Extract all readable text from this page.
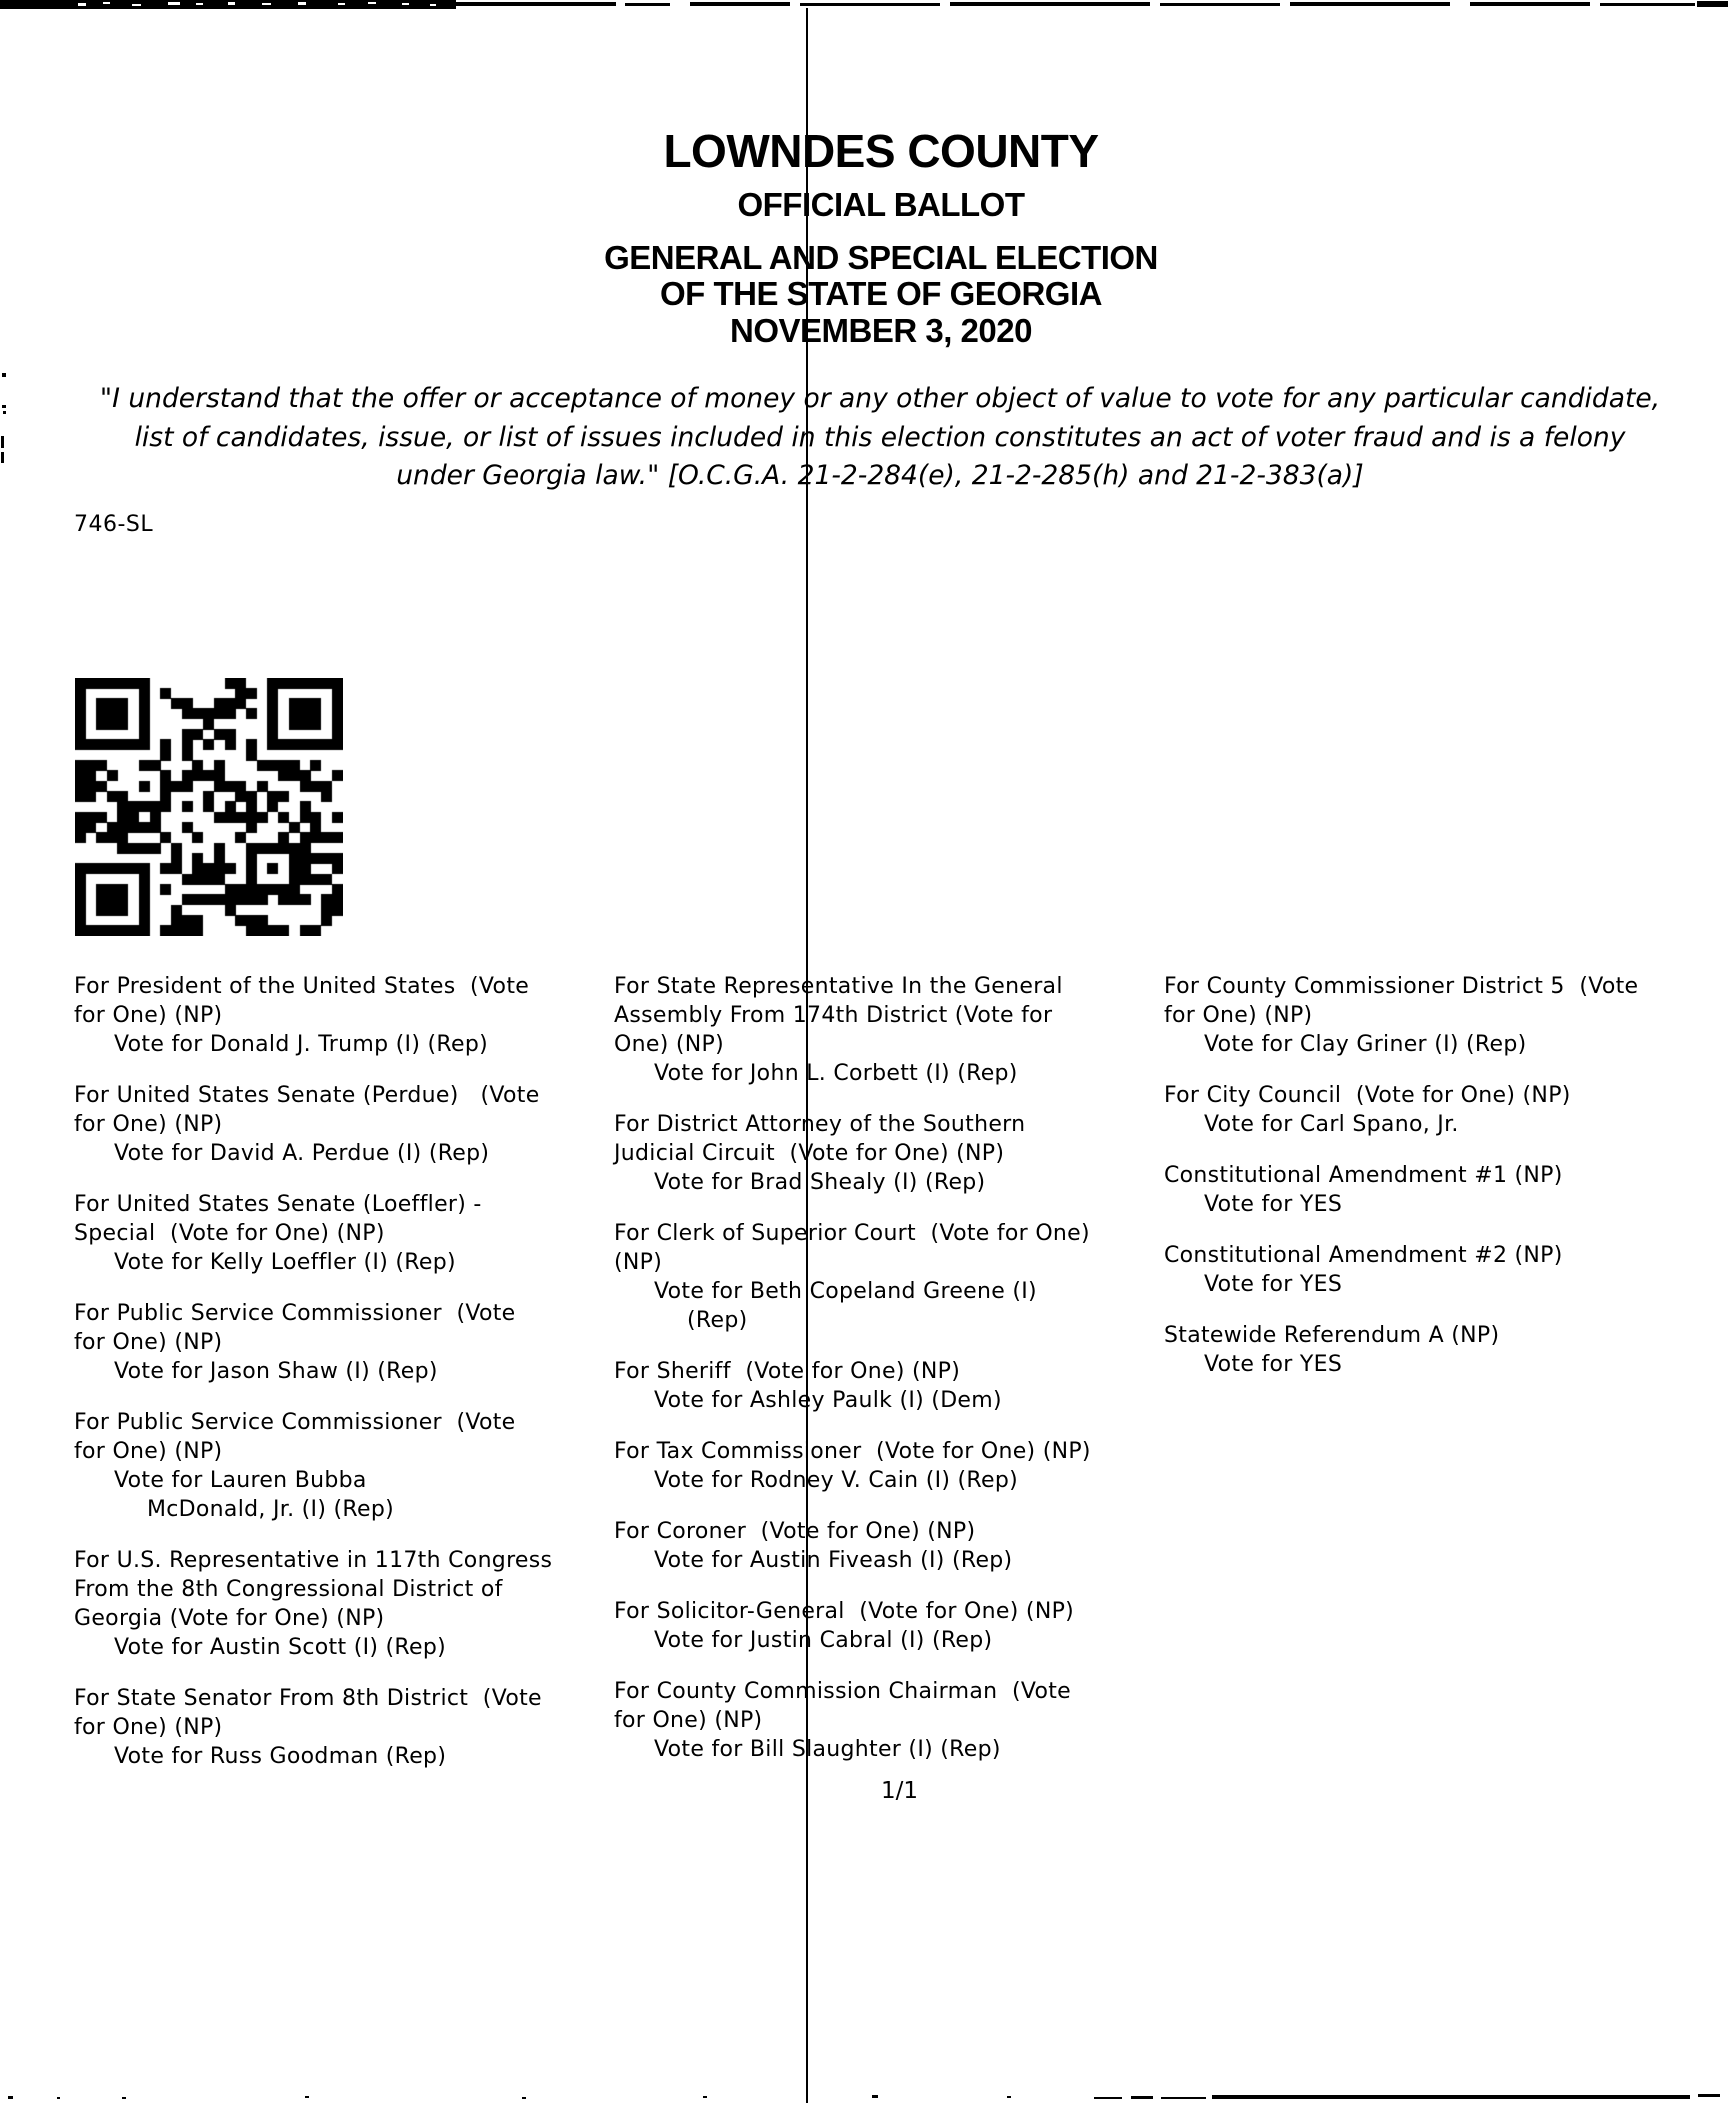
LOWNDES COUNTY
OFFICIAL BALLOT
GENERAL AND SPECIAL ELECTION
OF THE STATE OF GEORGIA
NOVEMBER 3, 2020
"I understand that the offer or acceptance of money or any other object of value to vote for any particular candidate,
list of candidates, issue, or list of issues included in this election constitutes an act of voter fraud and is a felony
under Georgia law." [O.C.G.A. 21-2-284(e), 21-2-285(h) and 21-2-383(a)]
746-SL
For President of the United States  (Vote
for One) (NP)
Vote for Donald J. Trump (I) (Rep)
For United States Senate (Perdue)   (Vote
for One) (NP)
Vote for David A. Perdue (I) (Rep)
For United States Senate (Loeffler) -
Special  (Vote for One) (NP)
Vote for Kelly Loeffler (I) (Rep)
For Public Service Commissioner  (Vote
for One) (NP)
Vote for Jason Shaw (I) (Rep)
For Public Service Commissioner  (Vote
for One) (NP)
Vote for Lauren Bubba
McDonald, Jr. (I) (Rep)
For U.S. Representative in 117th Congress
From the 8th Congressional District of
Georgia (Vote for One) (NP)
Vote for Austin Scott (I) (Rep)
For State Senator From 8th District  (Vote
for One) (NP)
Vote for Russ Goodman (Rep)
For State Representative In the General
Assembly From 174th District (Vote for
One) (NP)
Vote for John L. Corbett (I) (Rep)
For District Attorney of the Southern
Judicial Circuit  (Vote for One) (NP)
Vote for Brad Shealy (I) (Rep)
For Clerk of Superior Court  (Vote for One)
(NP)
Vote for Beth Copeland Greene (I)
(Rep)
For Sheriff  (Vote for One) (NP)
Vote for Ashley Paulk (I) (Dem)
For Tax Commissioner  (Vote for One) (NP)
Vote for Rodney V. Cain (I) (Rep)
For Coroner  (Vote for One) (NP)
Vote for Austin Fiveash (I) (Rep)
For Solicitor-General  (Vote for One) (NP)
Vote for Justin Cabral (I) (Rep)
For County Commission Chairman  (Vote
for One) (NP)
Vote for Bill Slaughter (I) (Rep)
For County Commissioner District 5  (Vote
for One) (NP)
Vote for Clay Griner (I) (Rep)
For City Council  (Vote for One) (NP)
Vote for Carl Spano, Jr.
Constitutional Amendment #1 (NP)
Vote for YES
Constitutional Amendment #2 (NP)
Vote for YES
Statewide Referendum A (NP)
Vote for YES
1/1
